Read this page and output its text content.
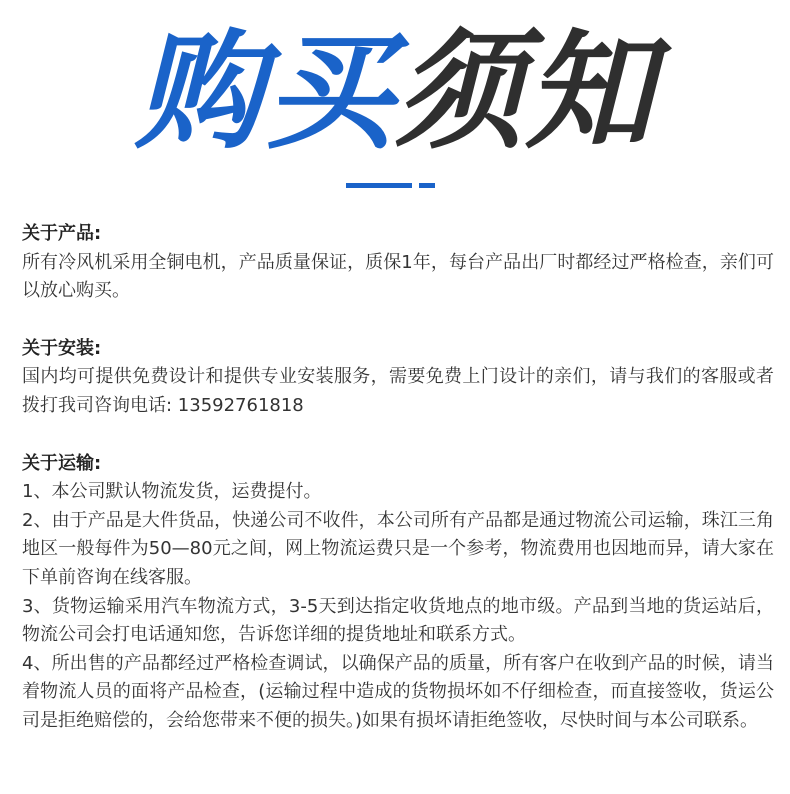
购买须知
关于产品:
所有冷风机采用全铜电机，产品质量保证，质保1年，每台产品出厂时都经过严格检查，亲们可以放心购买。
关于安装:
国内均可提供免费设计和提供专业安装服务，需要免费上门设计的亲们，请与我们的客服或者拨打我司咨询电话: 13592761818
关于运输:
1、本公司默认物流发货，运费提付。
2、由于产品是大件货品，快递公司不收件，本公司所有产品都是通过物流公司运输，珠江三角地区一般每件为50—80元之间，网上物流运费只是一个参考，物流费用也因地而异，请大家在下单前咨询在线客服。
3、货物运输采用汽车物流方式，3-5天到达指定收货地点的地市级。产品到当地的货运站后，物流公司会打电话通知您，告诉您详细的提货地址和联系方式。
4、所出售的产品都经过严格检查调试，以确保产品的质量，所有客户在收到产品的时候，请当着物流人员的面将产品检查，(运输过程中造成的货物损坏如不仔细检查，而直接签收，货运公司是拒绝赔偿的，会给您带来不便的损失。)如果有损坏请拒绝签收，尽快时间与本公司联系。
